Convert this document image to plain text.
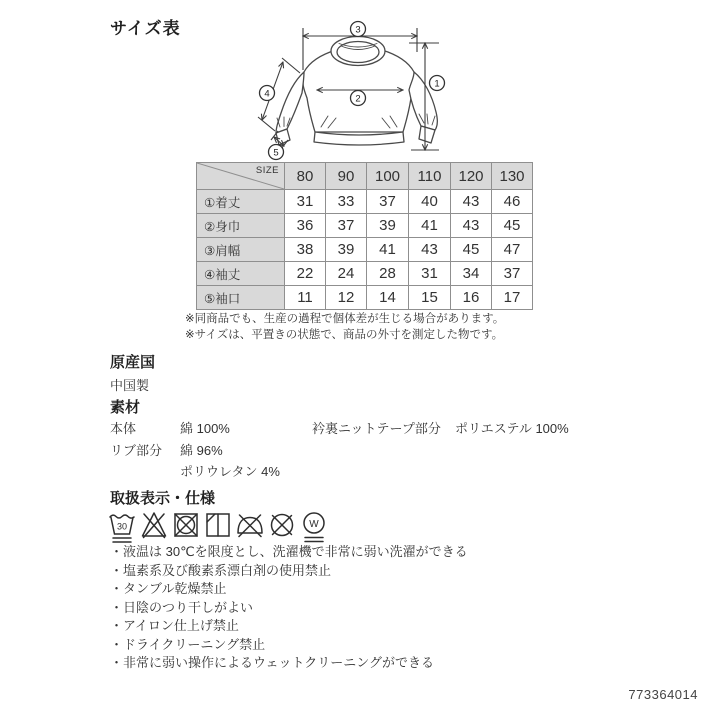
サイズ表
1
2
3
4
5
SIZE	80	90	100	110	120	130
①着丈	31	33	37	40	43	46
②身巾	36	37	39	41	43	45
③肩幅	38	39	41	43	45	47
④袖丈	22	24	28	31	34	37
⑤袖口	11	12	14	15	16	17
※同商品でも、生産の過程で個体差が生じる場合があります。
※サイズは、平置きの状態で、商品の外寸を測定した物です。
原産国
中国製
素材
本体	綿 100%
リブ部分	綿 96%
ポリウレタン 4%
衿裏ニットテープ部分	ポリエステル 100%
取扱表示・仕様
30	W
・液温は 30℃を限度とし、洗濯機で非常に弱い洗濯ができる
・塩素系及び酸素系漂白剤の使用禁止
・タンブル乾燥禁止
・日陰のつり干しがよい
・アイロン仕上げ禁止
・ドライクリーニング禁止
・非常に弱い操作によるウェットクリーニングができる
773364014
